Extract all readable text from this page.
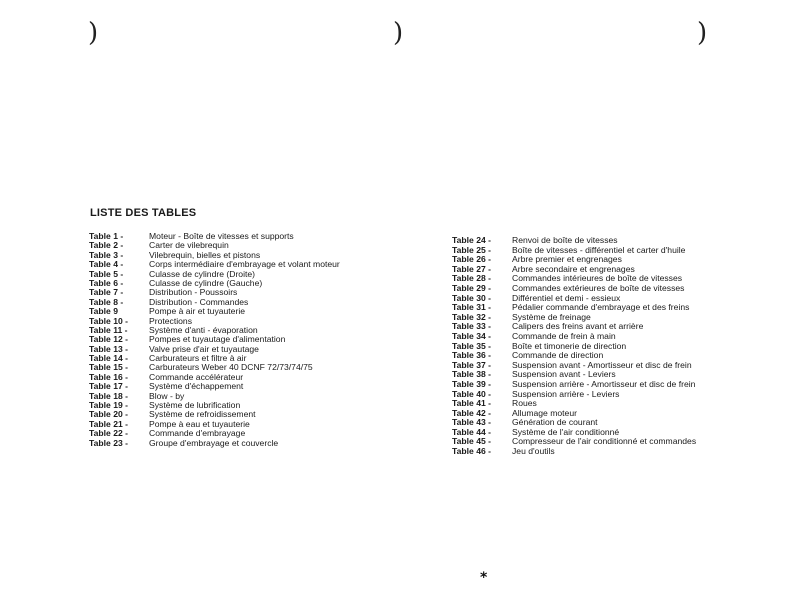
)	)	)
LISTE DES TABLES
Table 1 -	Moteur - Boîte de vitesses et supports
Table 2 -	Carter de vilebrequin
Table 3 -	Vilebrequin, bielles et pistons
Table 4 -	Corps intermédiaire d'embrayage et volant moteur
Table 5 -	Culasse de cylindre (Droite)
Table 6 -	Culasse de cylindre (Gauche)
Table 7 -	Distribution - Poussoirs
Table 8 -	Distribution - Commandes
Table 9	Pompe à air et tuyauterie
Table 10 - Protections
Table 11 - Système d'anti - évaporation
Table 12 - Pompes et tuyautage d'alimentation
Table 13 - Valve prise d'air et tuyautage
Table 14 - Carburateurs et filtre à air
Table 15 - Carburateurs Weber 40 DCNF 72/73/74/75
Table 16 - Commande accélérateur
Table 17 - Système d'échappement
Table 18 - Blow - by
Table 19 - Système de lubrification
Table 20 - Système de refroidissement
Table 21 - Pompe à eau et tuyauterie
Table 22 - Commande d'embrayage
Table 23 - Groupe d'embrayage et couvercle
Table 24 - Renvoi de boîte de vitesses
Table 25 - Boîte de vitesses - différentiel et carter d'huile
Table 26 - Arbre premier et engrenages
Table 27 - Arbre secondaire et engrenages
Table 28 - Commandes intérieures de boîte de vitesses
Table 29 - Commandes extérieures de boîte de vitesses
Table 30 - Différentiel et demi - essieux
Table 31 - Pédalier commande d'embrayage et des freins
Table 32 - Système de freinage
Table 33 - Calipers des freins avant et arrière
Table 34 - Commande de frein à main
Table 35 - Boîte et timonerie de direction
Table 36 - Commande de direction
Table 37 - Suspension avant - Amortisseur et disc de frein
Table 38 - Suspension avant - Leviers
Table 39 - Suspension arrière - Amortisseur et disc de frein
Table 40 - Suspension arrière - Leviers
Table 41 - Roues
Table 42 - Allumage moteur
Table 43 - Génération de courant
Table 44 - Système de l'air conditionné
Table 45 - Compresseur de l'air conditionné et commandes
Table 46 - Jeu d'outils
⁎
